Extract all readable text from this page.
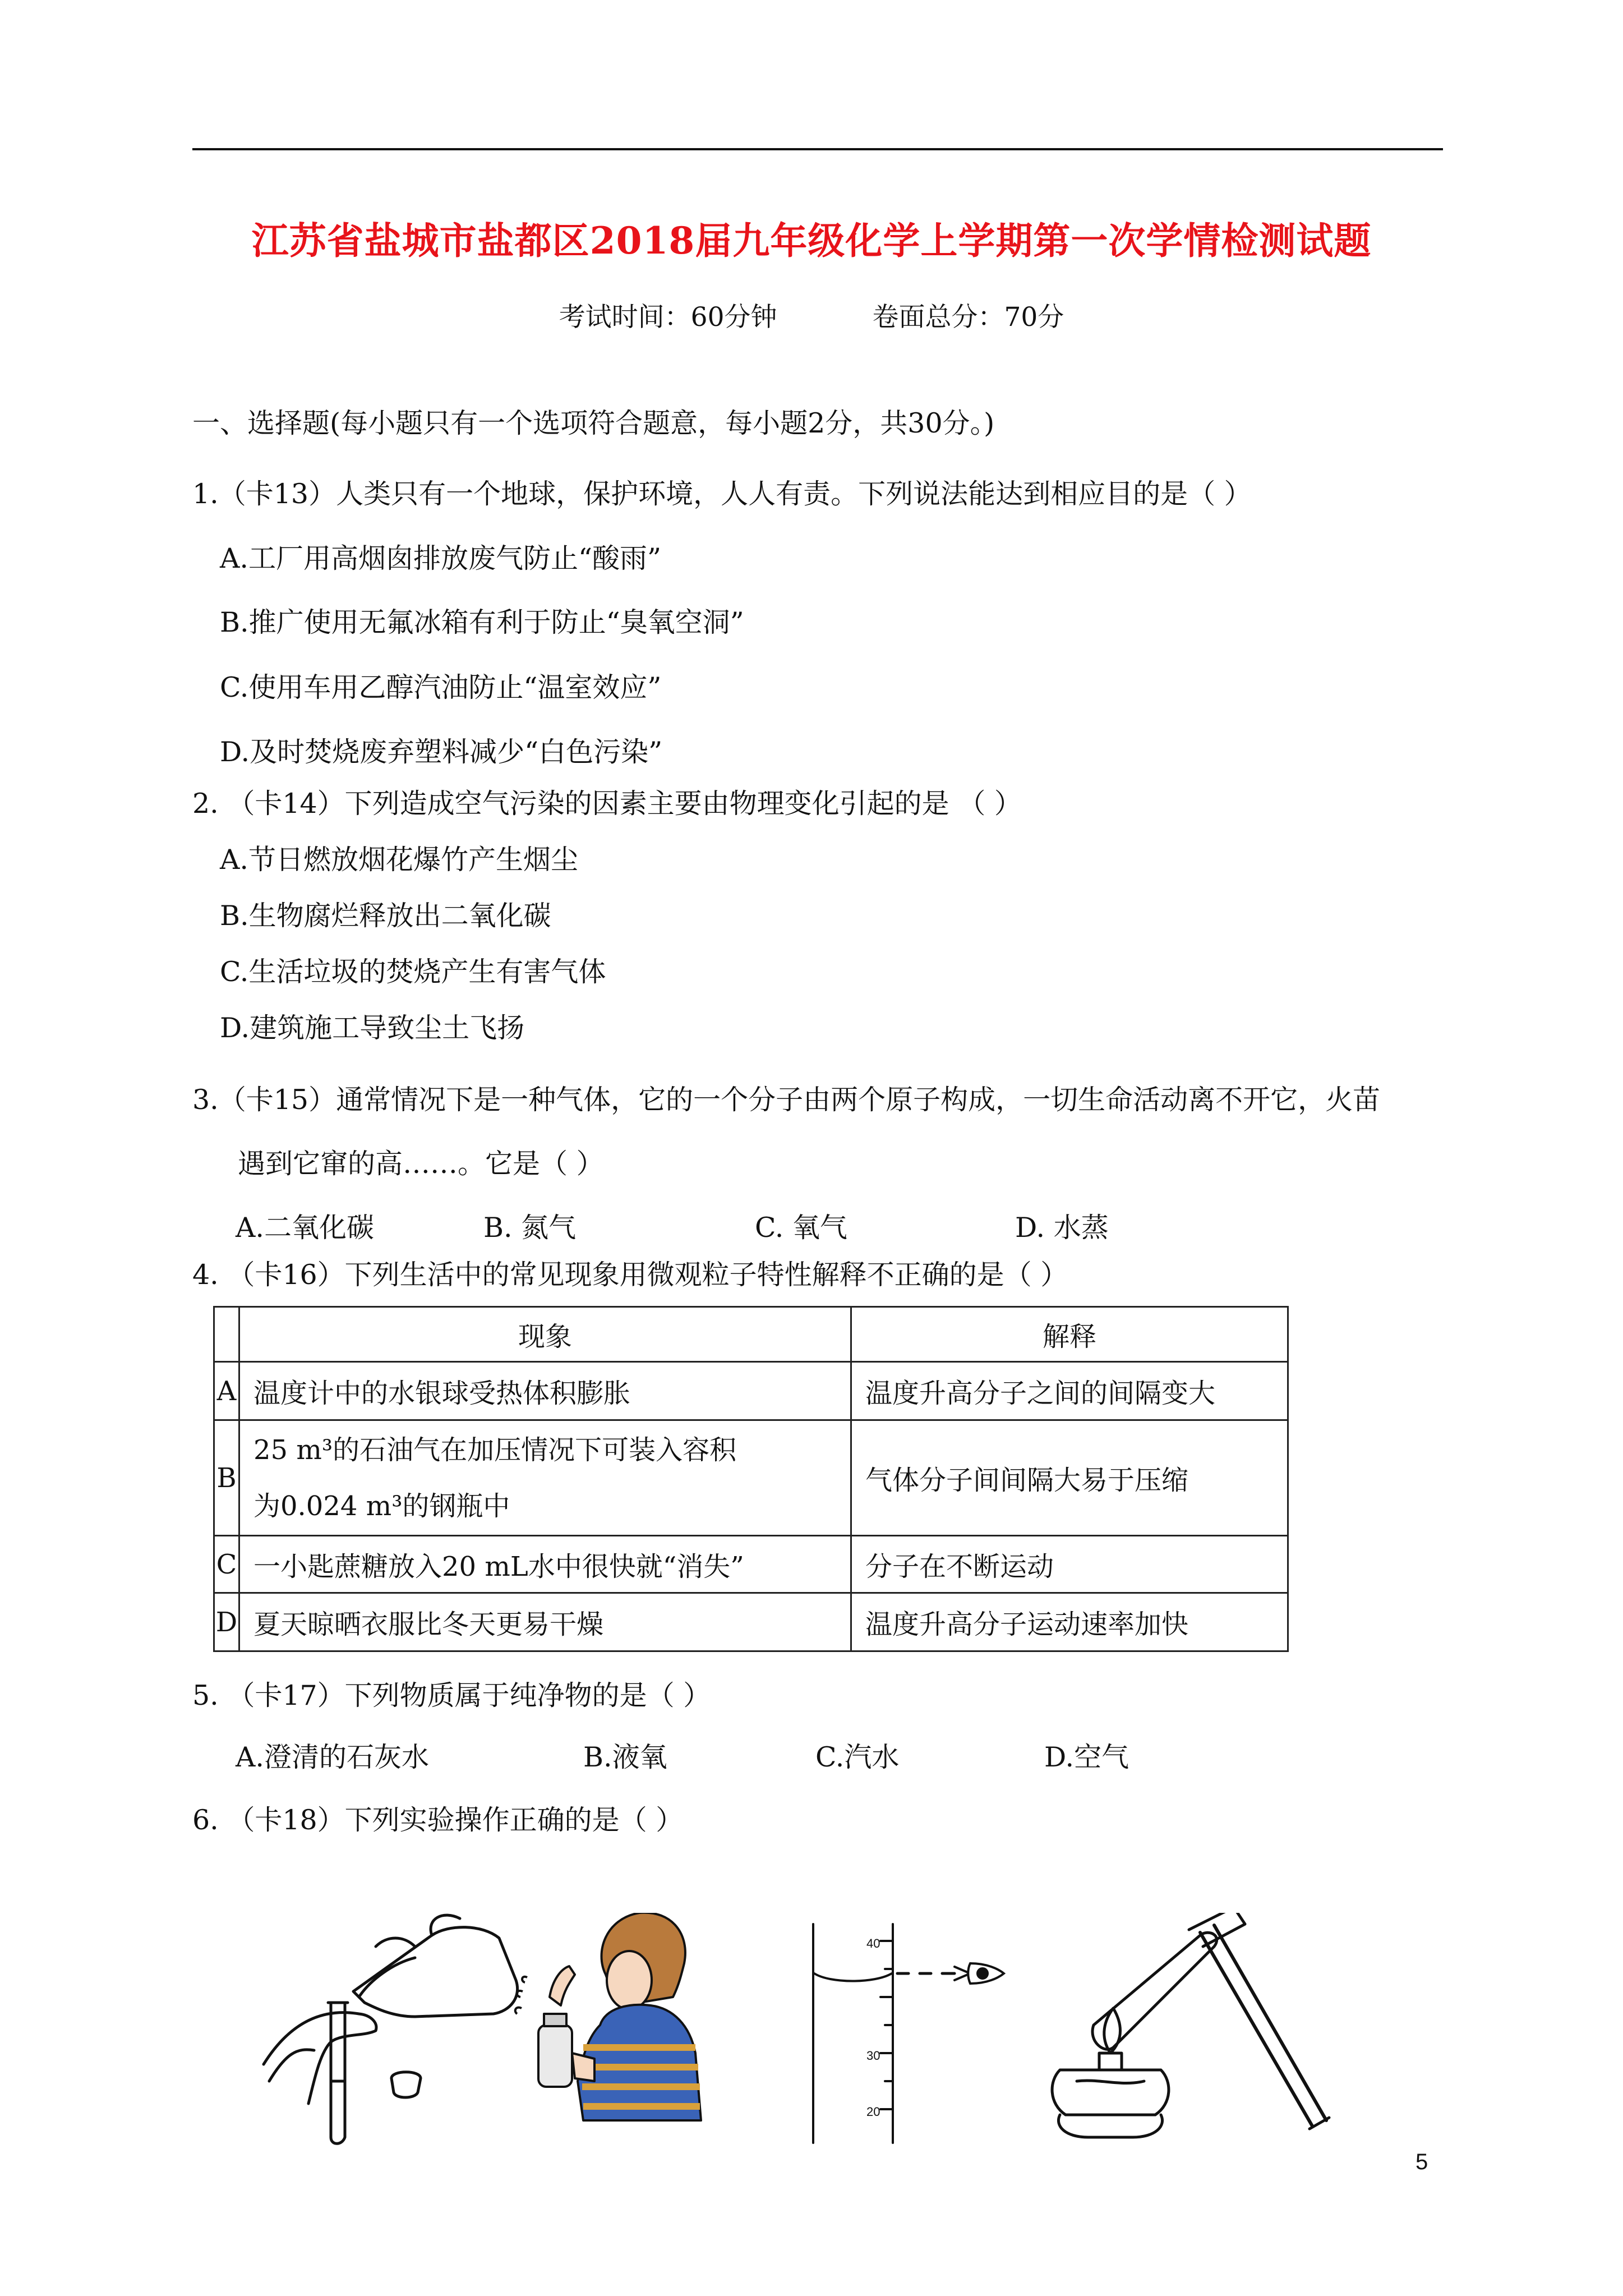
江苏省盐城市盐都区2018届九年级化学上学期第一次学情检测试题
考试时间：60分钟	卷面总分：70分
一、选择题(每小题只有一个选项符合题意，每小题2分，共30分。)
1.（卡13）人类只有一个地球，保护环境，人人有责。下列说法能达到相应目的是（ ）
A.工厂用高烟囱排放废气防止“酸雨”
B.推广使用无氟冰箱有利于防止“臭氧空洞”
C.使用车用乙醇汽油防止“温室效应”
D.及时焚烧废弃塑料减少“白色污染”
2. （卡14）下列造成空气污染的因素主要由物理变化引起的是 （ ）
A.节日燃放烟花爆竹产生烟尘
B.生物腐烂释放出二氧化碳
C.生活垃圾的焚烧产生有害气体
D.建筑施工导致尘土飞扬
3.（卡15）通常情况下是一种气体，它的一个分子由两个原子构成，一切生命活动离不开它，火苗
遇到它窜的高……。它是（ ）
A.二氧化碳	B. 氮气	C. 氧气	D. 水蒸
4. （卡16）下列生活中的常见现象用微观粒子特性解释不正确的是（ ）
	现象	解释
A	温度计中的水银球受热体积膨胀	温度升高分子之间的间隔变大
B	25 m³的石油气在加压情况下可装入容积
为0.024 m³的钢瓶中	气体分子间间隔大易于压缩
C	一小匙蔗糖放入20 mL水中很快就“消失”	分子在不断运动
D	夏天晾晒衣服比冬天更易干燥	温度升高分子运动速率加快
5. （卡17）下列物质属于纯净物的是（ ）
A.澄清的石灰水	B.液氧	C.汽水	D.空气
6. （卡18）下列实验操作正确的是（ ）
40
30
20
5
